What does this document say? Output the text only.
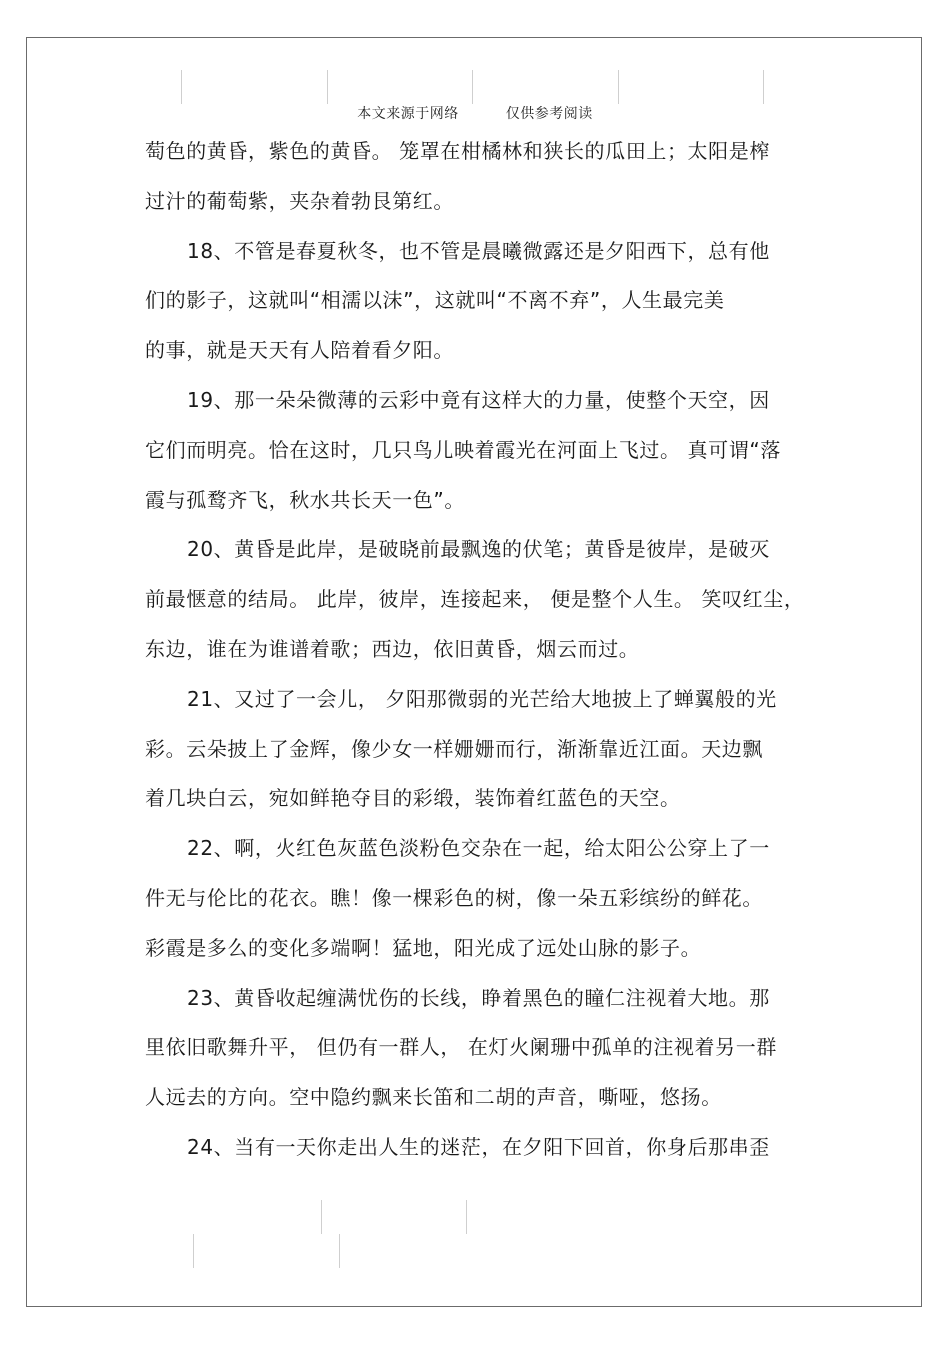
本文来源于网络	仅供参考阅读
萄色的黄昏，紫色的黄昏。 笼罩在柑橘林和狭长的瓜田上；太阳是榨
过汁的葡萄紫，夹杂着勃艮第红。
18、不管是春夏秋冬，也不管是晨曦微露还是夕阳西下，总有他
们的影子，这就叫“相濡以沫”，这就叫“不离不弃”，人生最完美
的事，就是天天有人陪着看夕阳。
19、那一朵朵微薄的云彩中竟有这样大的力量，使整个天空，因
它们而明亮。恰在这时，几只鸟儿映着霞光在河面上飞过。 真可谓“落
霞与孤鹜齐飞，秋水共长天一色”。
20、黄昏是此岸，是破晓前最飘逸的伏笔；黄昏是彼岸，是破灭
前最惬意的结局。 此岸，彼岸，连接起来， 便是整个人生。 笑叹红尘，
东边，谁在为谁谱着歌；西边，依旧黄昏，烟云而过。
21、又过了一会儿， 夕阳那微弱的光芒给大地披上了蝉翼般的光
彩。云朵披上了金辉，像少女一样姗姗而行，渐渐靠近江面。天边飘
着几块白云，宛如鲜艳夺目的彩缎，装饰着红蓝色的天空。
22、啊，火红色灰蓝色淡粉色交杂在一起，给太阳公公穿上了一
件无与伦比的花衣。瞧！像一棵彩色的树，像一朵五彩缤纷的鲜花。
彩霞是多么的变化多端啊！猛地，阳光成了远处山脉的影子。
23、黄昏收起缠满忧伤的长线，睁着黑色的瞳仁注视着大地。那
里依旧歌舞升平， 但仍有一群人， 在灯火阑珊中孤单的注视着另一群
人远去的方向。空中隐约飘来长笛和二胡的声音，嘶哑，悠扬。
24、当有一天你走出人生的迷茫，在夕阳下回首，你身后那串歪
